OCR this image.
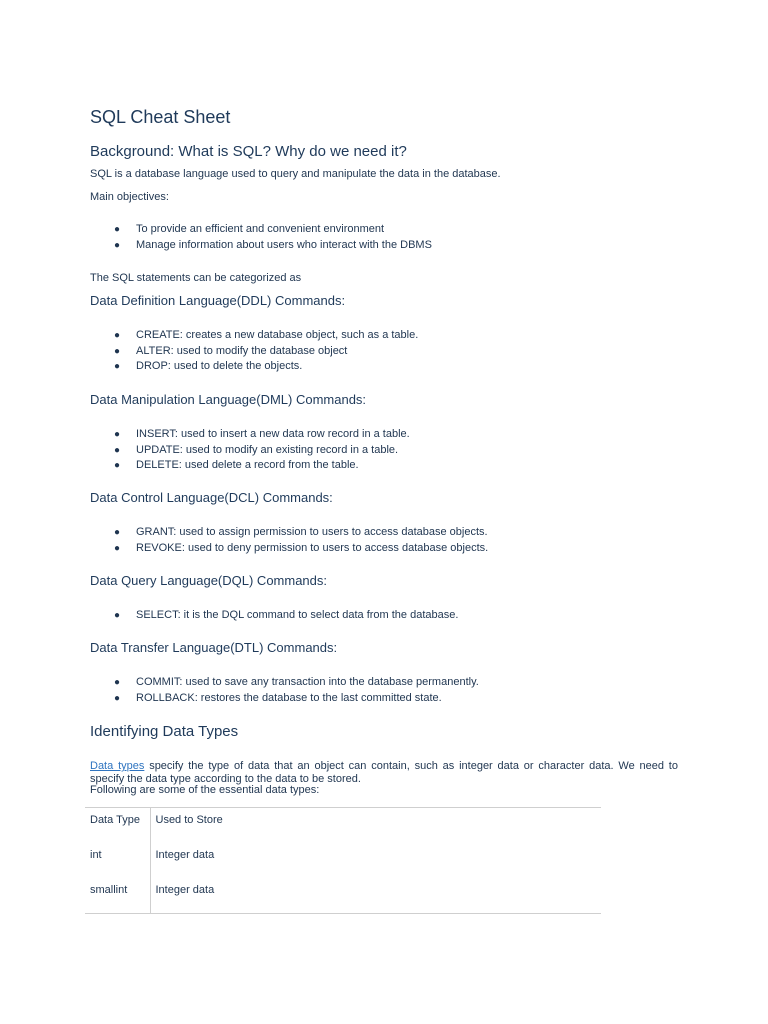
SQL Cheat Sheet
Background: What is SQL? Why do we need it?

SQL is a database language used to query and manipulate the data in the database.

Main objectives:

● To provide an efficient and convenient environment
● Manage information about users who interact with the DBMS

The SQL statements can be categorized as

Data Definition Language(DDL) Commands:
● CREATE: creates a new database object, such as a table.
● ALTER: used to modify the database object
● DROP: used to delete the objects.
Data Manipulation Language(DML) Commands:
● INSERT: used to insert a new data row record in a table.
● UPDATE: used to modify an existing record in a table.
● DELETE: used delete a record from the table.
Data Control Language(DCL) Commands:
● GRANT: used to assign permission to users to access database objects.
● REVOKE: used to deny permission to users to access database objects.
Data Query Language(DQL) Commands:
● SELECT: it is the DQL command to select data from the database.
Data Transfer Language(DTL) Commands:
● COMMIT: used to save any transaction into the database permanently.
● ROLLBACK: restores the database to the last committed state.
Identifying Data Types

Data types specify the type of data that an object can contain, such as integer data or character data. We need to specify the data type according to the data to be stored.

Following are some of the essential data types:

Data Type	Used to Store
int	Integer data
smallint	Integer data
